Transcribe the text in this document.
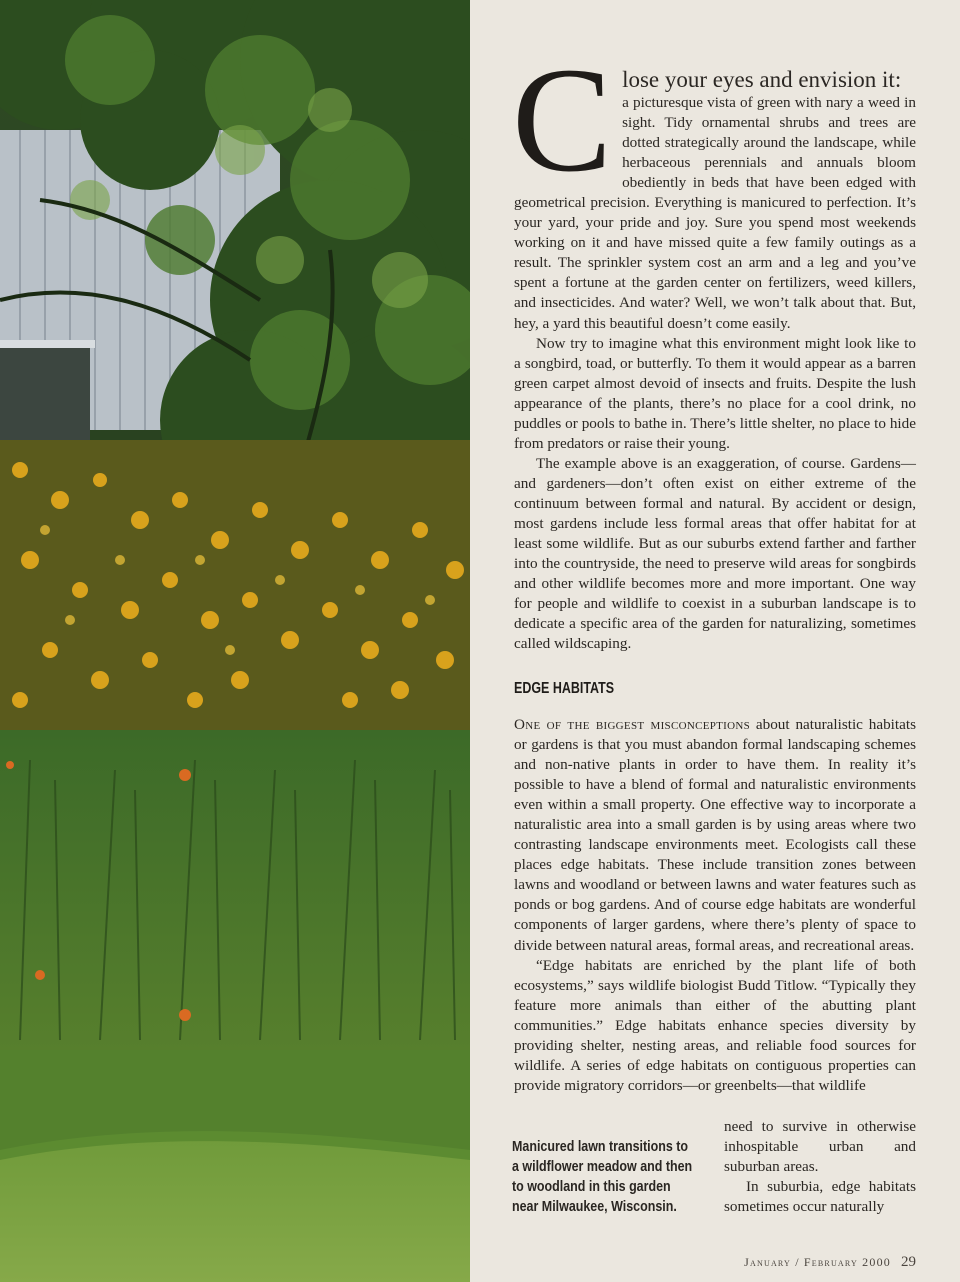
C lose your eyes and envision it:
a picturesque vista of green with nary a weed in sight. Tidy ornamental shrubs and trees are dotted strategically around the landscape, while herbaceous perennials and annuals bloom obediently in beds that have been edged with geometrical precision. Everything is manicured to perfection. It’s your yard, your pride and joy. Sure you spend most weekends working on it and have missed quite a few family outings as a result. The sprinkler system cost an arm and a leg and you’ve spent a fortune at the garden center on fertilizers, weed killers, and insecticides. And water? Well, we won’t talk about that. But, hey, a yard this beautiful doesn’t come easily.

Now try to imagine what this environment might look like to a songbird, toad, or butterfly. To them it would appear as a barren green carpet almost devoid of insects and fruits. Despite the lush appearance of the plants, there’s no place for a cool drink, no puddles or pools to bathe in. There’s little shelter, no place to hide from predators or raise their young.

The example above is an exaggeration, of course. Gardens—and gardeners—don’t often exist on either extreme of the continuum between formal and natural. By accident or design, most gardens include less formal areas that offer habitat for at least some wildlife. But as our suburbs extend farther and farther into the countryside, the need to preserve wild areas for songbirds and other wildlife becomes more and more important. One way for people and wildlife to coexist in a suburban landscape is to dedicate a specific area of the garden for naturalizing, sometimes called wildscaping.

EDGE HABITATS

One of the biggest misconceptions about naturalistic habitats or gardens is that you must abandon formal landscaping schemes and non-native plants in order to have them. In reality it’s possible to have a blend of formal and naturalistic environments even within a small property. One effective way to incorporate a naturalistic area into a small garden is by using areas where two contrasting landscape environments meet. Ecologists call these places edge habitats. These include transition zones between lawns and woodland or between lawns and water features such as ponds or bog gardens. And of course edge habitats are wonderful components of larger gardens, where there’s plenty of space to divide between natural areas, formal areas, and recreational areas.

“Edge habitats are enriched by the plant life of both ecosystems,” says wildlife biologist Budd Titlow. “Typically they feature more animals than either of the abutting plant communities.” Edge habitats enhance species diversity by providing shelter, nesting areas, and reliable food sources for wildlife. A series of edge habitats on contiguous properties can provide migratory corridors—or greenbelts—that wildlife

need to survive in otherwise inhospitable urban and suburban areas.

In suburbia, edge habitats sometimes occur naturally

Manicured lawn transitions to
a wildflower meadow and then
to woodland in this garden
near Milwaukee, Wisconsin.
January / February 2000 29
